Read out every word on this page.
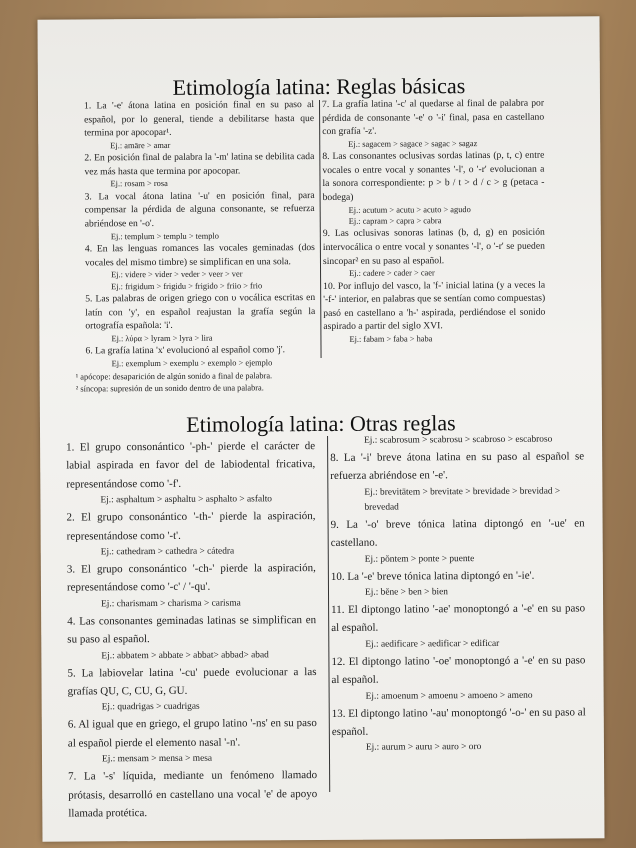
Etimología latina: Reglas básicas

1. La '-e' átona latina en posición final en su paso al español, por lo general, tiende a debilitarse hasta que termina por apocopar¹.

Ej.: amāre > amar

2. En posición final de palabra la '-m' latina se debilita cada vez más hasta que termina por apocopar.

Ej.: rosam > rosa

3. La vocal átona latina '-u' en posición final, para compensar la pérdida de alguna consonante, se refuerza abriéndose en '-o'.

Ej.: templum > templu > templo

4. En las lenguas romances las vocales geminadas (dos vocales del mismo timbre) se simplifican en una sola.

Ej.: videre > vider > veder > veer > ver
Ej.: frigidum > frigidu > frigido > friio > frio

5. Las palabras de origen griego con υ vocálica escritas en latín con 'y', en español reajustan la grafía según la ortografía española: 'i'.

Ej.: λύρα > lyram > lyra > lira

6. La grafía latina 'x' evolucionó al español como 'j'.

Ej.: exemplum > exemplu > exemplo > ejemplo

7. La grafía latina '-c' al quedarse al final de palabra por pérdida de consonante '-e' o '-i' final, pasa en castellano con grafía '-z'.

Ej.: sagacem > sagace > sagac > sagaz

8. Las consonantes oclusivas sordas latinas (p, t, c) entre vocales o entre vocal y sonantes '-l', o '-r' evolucionan a la sonora correspondiente: p > b / t > d / c > g (petaca - bodega)

Ej.: acutum > acutu > acuto > agudo
Ej.: capram > capra > cabra

9. Las oclusivas sonoras latinas (b, d, g) en posición intervocálica o entre vocal y sonantes '-l', o '-r' se pueden sincopar² en su paso al español.

Ej.: cadere > cader > caer

10. Por influjo del vasco, la 'f-' inicial latina (y a veces la '-f-' interior, en palabras que se sentían como compuestas) pasó en castellano a 'h-' aspirada, perdiéndose el sonido aspirado a partir del siglo XVI.

Ej.: fabam > faba > haba
¹ apócope: desaparición de algún sonido a final de palabra.
² síncopa: supresión de un sonido dentro de una palabra.
Etimología latina: Otras reglas

1. El grupo consonántico '-ph-' pierde el carácter de labial aspirada en favor del de labiodental fricativa, representándose como '-f'.

Ej.: asphaltum > asphaltu > asphalto > asfalto

2. El grupo consonántico '-th-' pierde la aspiración, representándose como '-t'.

Ej.: cathedram > cathedra > cátedra

3. El grupo consonántico '-ch-' pierde la aspiración, representándose como '-c' / '-qu'.

Ej.: charismam > charisma > carisma

4. Las consonantes geminadas latinas se simplifican en su paso al español.

Ej.: abbatem > abbate > abbat> abbad> abad

5. La labiovelar latina '-cu' puede evolucionar a las grafías QU, C, CU, G, GU.

Ej.: quadrigas > cuadrigas

6. Al igual que en griego, el grupo latino '-ns' en su paso al español pierde el elemento nasal '-n'.

Ej.: mensam > mensa > mesa

7. La '-s' líquida, mediante un fenómeno llamado prótasis, desarrolló en castellano una vocal 'e' de apoyo llamada protética.

Ej.: scabrosum > scabrosu > scabroso > escabroso

8. La '-i' breve átona latina en su paso al español se refuerza abriéndose en '-e'.

Ej.: brevitātem > brevitate > brevidade > brevidad > brevedad

9. La '-o' breve tónica latina diptongó en '-ue' en castellano.

Ej.: pŏntem > ponte > puente

10. La '-e' breve tónica latina diptongó en '-ie'.

Ej.: bĕne > ben > bien

11. El diptongo latino '-ae' monoptongó a '-e' en su paso al español.

Ej.: aedificare > aedificar > edificar

12. El diptongo latino '-oe' monoptongó a '-e' en su paso al español.

Ej.: amoenum > amoenu > amoeno > ameno

13. El diptongo latino '-au' monoptongó '-o-' en su paso al español.

Ej.: aurum > auru > auro > oro
